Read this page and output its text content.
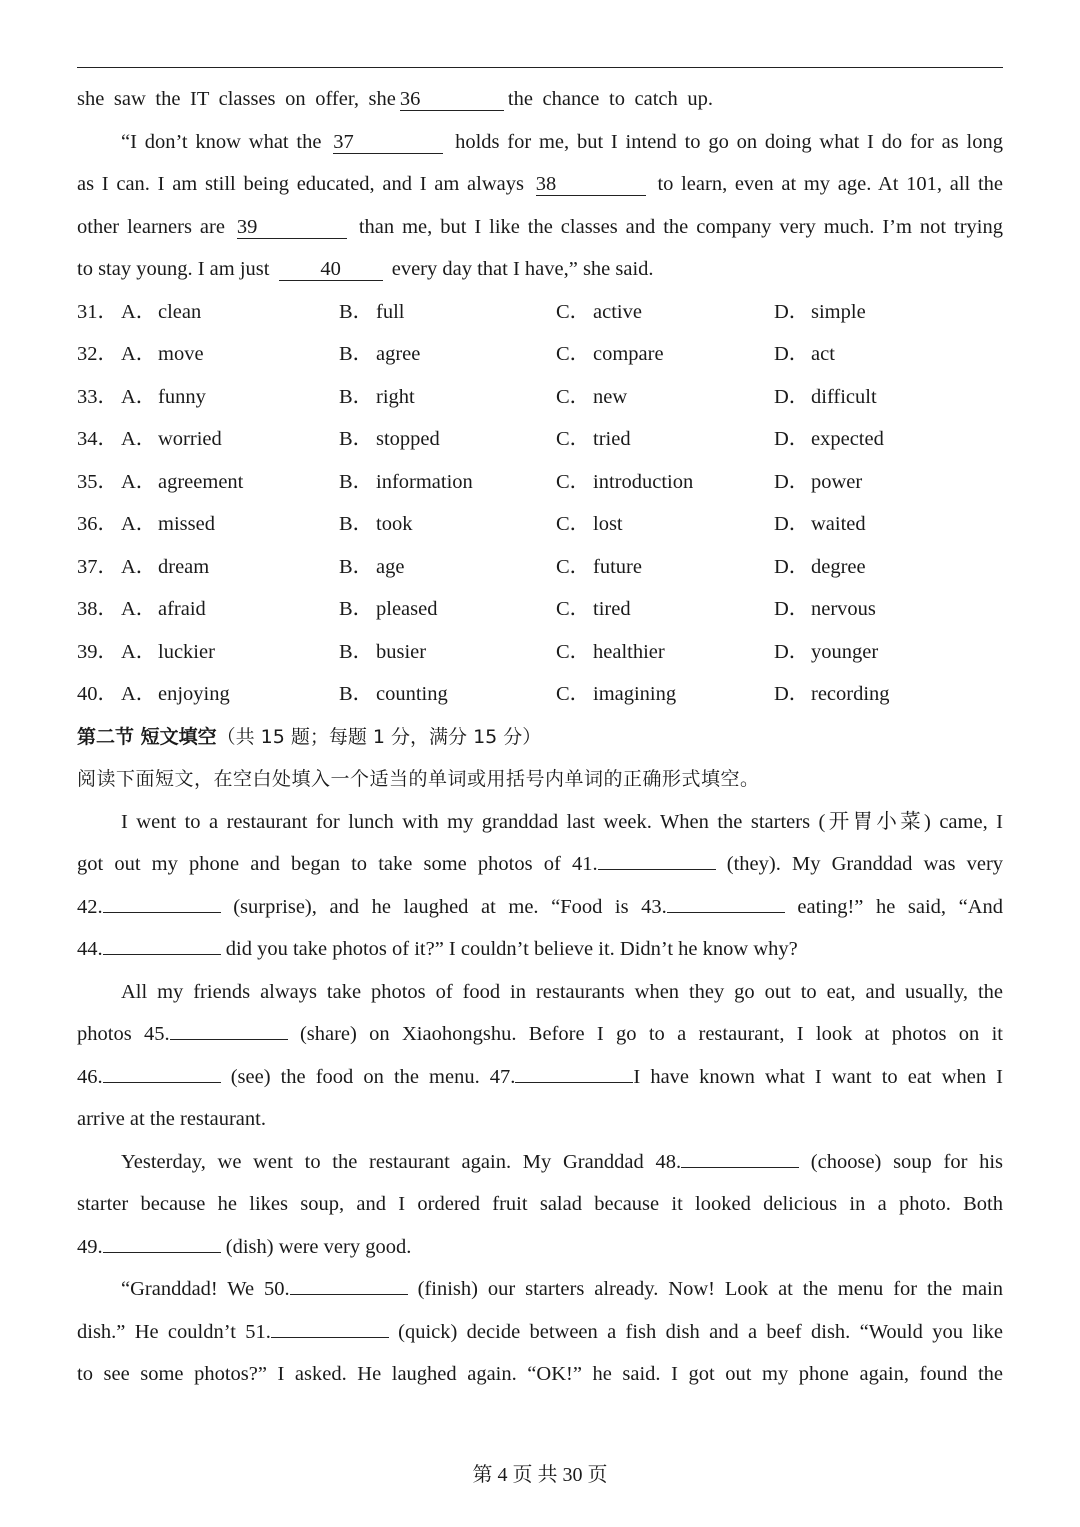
she saw the IT classes on offer, she 36	the chance to catch up.
“I don’t know what the 37	holds for me, but I intend to go on doing what I do for as long
as I can. I am still being educated, and I am always 38	to learn, even at my age. At 101, all the
other learners are 39	than me, but I like the classes and the company very much. I’m not trying
to stay young. I am just 40 every day that I have,” she said.
31． A． clean	B． full	C． active	D． simple
32． A． move	B． agree	C． compare	D． act
33． A． funny	B． right	C． new	D． difficult
34． A． worried	B． stopped	C． tried	D． expected
35． A． agreement	B． information	C． introduction	D． power
36． A． missed	B． took	C． lost	D． waited
37． A． dream	B． age	C． future	D． degree
38． A． afraid	B． pleased	C． tired	D． nervous
39． A． luckier	B． busier	C． healthier	D． younger
40． A． enjoying	B． counting	C． imagining	D． recording
第二节 短文填空（共 15 题；每题 1 分，满分 15 分）
阅读下面短文，在空白处填入一个适当的单词或用括号内单词的正确形式填空。
I went to a restaurant for lunch with my granddad last week. When the starters (开胃小菜) came, I
got out my phone and began to take some photos of 41.	(they). My Granddad was very
42.	(surprise), and he laughed at me. “Food is 43.	eating!” he said, “And
44.	did you take photos of it?” I couldn’t believe it. Didn’t he know why?
All my friends always take photos of food in restaurants when they go out to eat, and usually, the
photos 45.	(share) on Xiaohongshu. Before I go to a restaurant, I look at photos on it
46.	(see) the food on the menu. 47.	I have known what I want to eat when I
arrive at the restaurant.
Yesterday, we went to the restaurant again. My Granddad 48.	(choose) soup for his
starter because he likes soup, and I ordered fruit salad because it looked delicious in a photo. Both
49.	(dish) were very good.
“Granddad! We 50.	(finish) our starters already. Now! Look at the menu for the main
dish.” He couldn’t 51.	(quick) decide between a fish dish and a beef dish. “Would you like
to see some photos?” I asked. He laughed again. “OK!” he said. I got out my phone again, found the
第 4 页 共 30 页
